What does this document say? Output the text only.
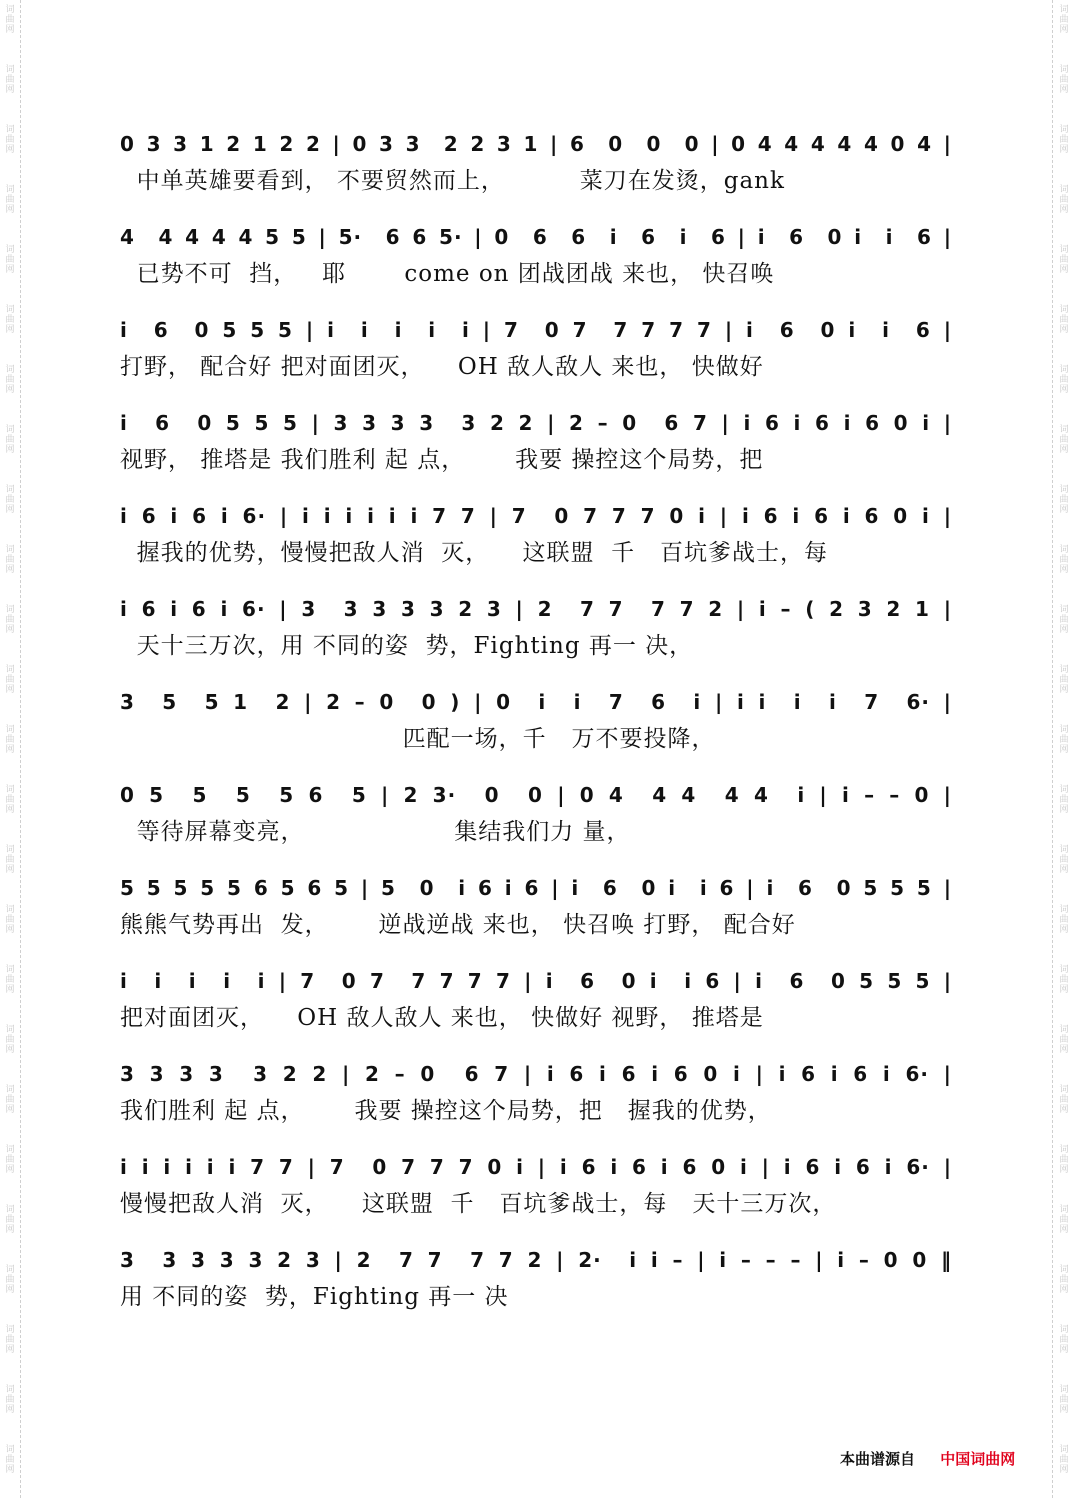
词曲网
词曲网
词曲网
词曲网
词曲网
词曲网
词曲网
词曲网
词曲网
词曲网
词曲网
词曲网
词曲网
词曲网
词曲网
词曲网
词曲网
词曲网
词曲网
词曲网
词曲网
词曲网
词曲网
词曲网
词曲网
词曲网
词曲网
词曲网
词曲网
词曲网
词曲网
词曲网
词曲网
词曲网
词曲网
词曲网
词曲网
词曲网
词曲网
词曲网
词曲网
词曲网
词曲网
词曲网
词曲网
词曲网
词曲网
词曲网
词曲网
词曲网
0 3 3 1 2 1 2 2 | 0 3 3  2 2 3 1 | 6  0  0  0 | 0 4 4 4 4 4 0 4 |
中单英雄要看到， 不要贸然而上，         菜刀在发烫，gank
4  4 4 4 4 5 5 | 5·  6 6 5· | 0  6  6  i  6  i  6 | i  6  0 i  i  6 |
已势不可  挡，   耶       come on 团战团战 来也， 快召唤
i  6  0 5 5 5 | i  i  i  i  i | 7  0 7  7 7 7 7 | i  6  0 i  i  6 |
打野， 配合好 把对面团灭，    OH 敌人敌人 来也， 快做好
i  6  0 5 5 5 | 3 3 3 3  3 2 2 | 2 – 0  6 7 | i 6 i 6 i 6 0 i |
视野， 推塔是 我们胜利 起 点，      我要 操控这个局势，把
i 6 i 6 i 6· | i i i i i i 7 7 | 7  0 7 7 7 0 i | i 6 i 6 i 6 0 i |
握我的优势，慢慢把敌人消  灭，    这联盟  千   百坑爹战士，每
i 6 i 6 i 6· | 3  3 3 3 3 2 3 | 2  7 7  7 7 2 | i – ( 2 3 2 1 |
天十三万次，用 不同的姿  势，Fighting 再一 决，
3  5  5 1  2 | 2 – 0  0 ) | 0  i  i  7  6  i | i i  i  i  7  6· |
匹配一场，千   万不要投降，
0 5  5  5  5 6  5 | 2 3·  0  0 | 0 4  4 4  4 4  i | i – – 0 |
等待屏幕变亮，                  集结我们力 量，
5 5 5 5 5 6 5 6 5 | 5  0  i 6 i 6 | i  6  0 i  i 6 | i  6  0 5 5 5 |
熊熊气势再出  发，      逆战逆战 来也， 快召唤 打野， 配合好
i  i  i  i  i | 7  0 7  7 7 7 7 | i  6  0 i  i 6 | i  6  0 5 5 5 |
把对面团灭，    OH 敌人敌人 来也， 快做好 视野， 推塔是
3 3 3 3  3 2 2 | 2 – 0  6 7 | i 6 i 6 i 6 0 i | i 6 i 6 i 6· |
我们胜利 起 点，      我要 操控这个局势，把   握我的优势，
i i i i i i 7 7 | 7  0 7 7 7 0 i | i 6 i 6 i 6 0 i | i 6 i 6 i 6· |
慢慢把敌人消  灭，    这联盟  千   百坑爹战士，每   天十三万次，
3  3 3 3 3 2 3 | 2  7 7  7 7 2 | 2·  i i – | i – – – | i – 0 0 ‖
用 不同的姿  势，Fighting 再一 决
本曲谱源自 中国词曲网
